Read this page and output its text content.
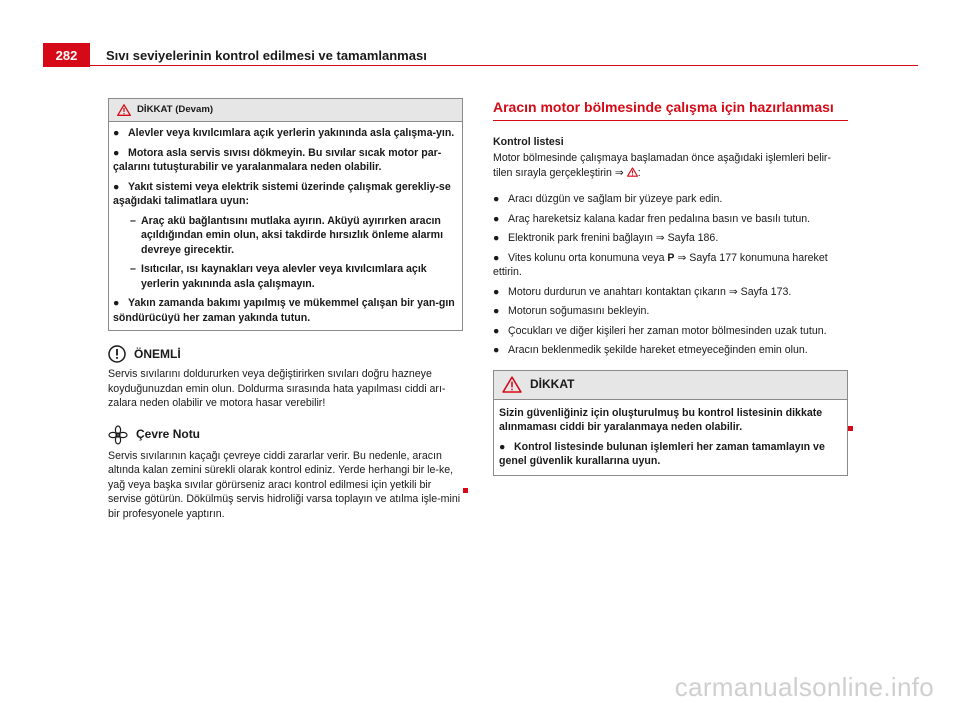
282	Sıvı seviyelerinin kontrol edilmesi ve tamamlanması
DİKKAT (Devam)

● Alevler veya kıvılcımlara açık yerlerin yakınında asla çalışma-yın.

● Motora asla servis sıvısı dökmeyin. Bu sıvılar sıcak motor par-çalarını tutuşturabilir ve yaralanmalara neden olabilir.

● Yakıt sistemi veya elektrik sistemi üzerinde çalışmak gerekliy-se aşağıdaki talimatlara uyun:

– Araç akü bağlantısını mutlaka ayırın. Aküyü ayırırken aracın açıldığından emin olun, aksi takdirde hırsızlık önleme alarmı devreye girecektir.

– Isıtıcılar, ısı kaynakları veya alevler veya kıvılcımlara açık yerlerin yakınında asla çalışmayın.

● Yakın zamanda bakımı yapılmış ve mükemmel çalışan bir yan-gın söndürücüyü her zaman yakında tutun.

ÖNEMLİ

Servis sıvılarını doldururken veya değiştirirken sıvıları doğru hazneye koyduğunuzdan emin olun. Doldurma sırasında hata yapılması ciddi arı-zalara neden olabilir ve motora hasar verebilir!

Çevre Notu

Servis sıvılarının kaçağı çevreye ciddi zararlar verir. Bu nedenle, aracın altında kalan zemini sürekli olarak kontrol ediniz. Yerde herhangi bir le-ke, yağ veya başka sıvılar görürseniz aracı kontrol edilmesi için yetkili bir servise götürün. Dökülmüş servis hidroliği varsa toplayın ve atılma işle-mini bir profesyonele yaptırın.

Aracın motor bölmesinde çalışma için hazırlanması

Kontrol listesi

Motor bölmesinde çalışmaya başlamadan önce aşağıdaki işlemleri belir-tilen sırayla gerçekleştirin ⇒ :

● Aracı düzgün ve sağlam bir yüzeye park edin.

● Araç hareketsiz kalana kadar fren pedalına basın ve basılı tutun.

● Elektronik park frenini bağlayın ⇒ Sayfa 186.

● Vites kolunu orta konumuna veya P ⇒ Sayfa 177 konumuna hareket ettirin.

● Motoru durdurun ve anahtarı kontaktan çıkarın ⇒ Sayfa 173.

● Motorun soğumasını bekleyin.

● Çocukları ve diğer kişileri her zaman motor bölmesinden uzak tutun.

● Aracın beklenmedik şekilde hareket etmeyeceğinden emin olun.

DİKKAT

Sizin güvenliğiniz için oluşturulmuş bu kontrol listesinin dikkate alınmaması ciddi bir yaralanmaya neden olabilir.

● Kontrol listesinde bulunan işlemleri her zaman tamamlayın ve genel güvenlik kurallarına uyun.

carmanualsonline.info
